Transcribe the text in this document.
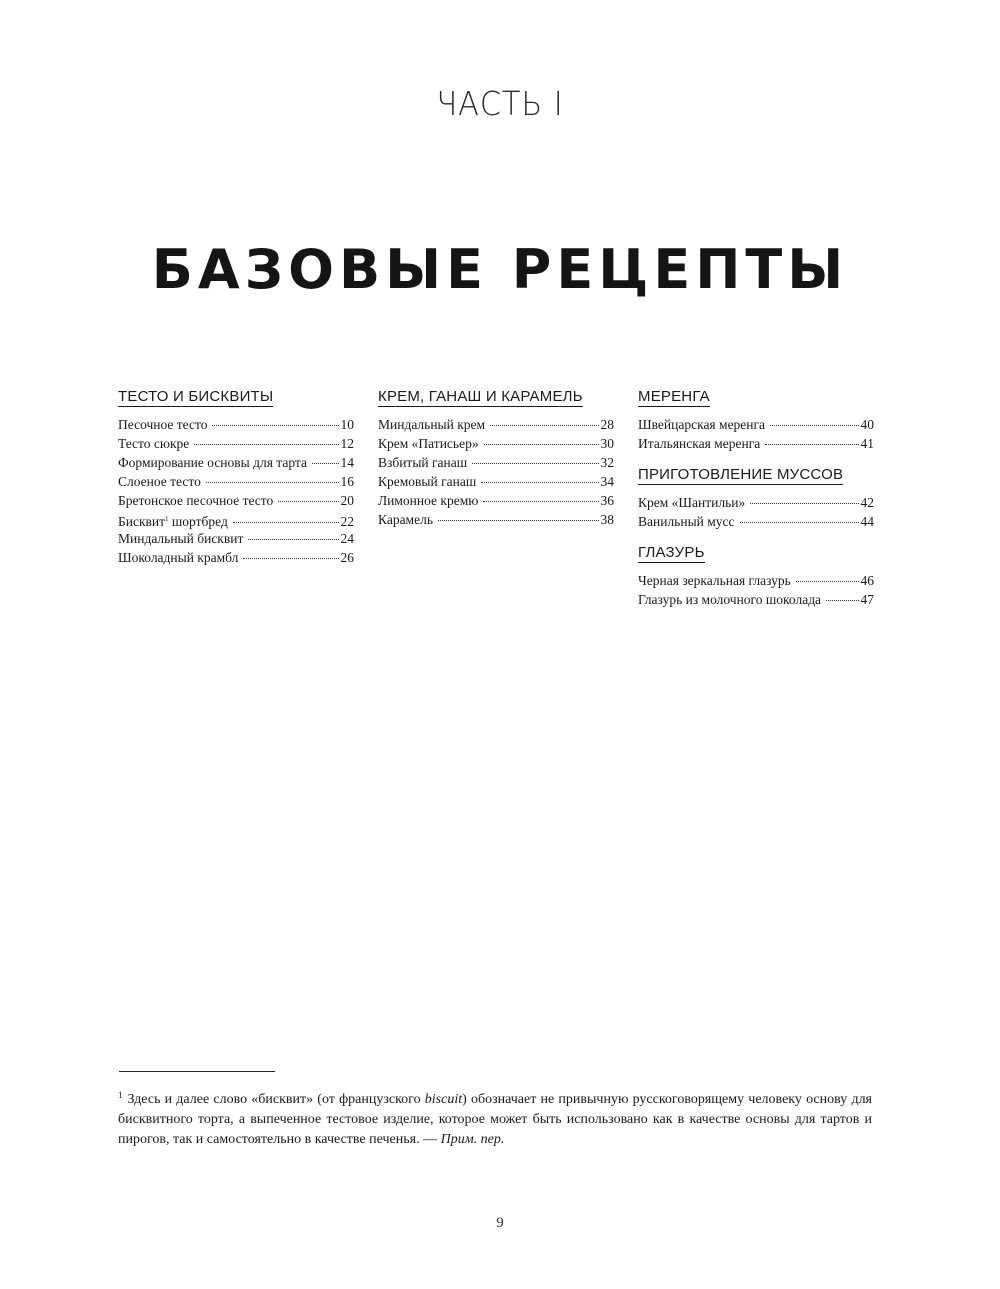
ЧАСТЬ I
БАЗОВЫЕ РЕЦЕПТЫ
ТЕСТО И БИСКВИТЫ
Песочное тесто	10
Тесто сюкре	12
Формирование основы для тарта 14
Слоеное тесто	16
Бретонское песочное тесто	20
Бисквит$^1$ шортбред	22
Миндальный бисквит	24
Шоколадный крамбл	26
КРЕМ, ГАНАШ И КАРАМЕЛЬ
Миндальный крем	28
Крем «Патисьер»	30
Взбитый ганаш	32
Кремовый ганаш	34
Лимонное кремю	36
Карамель	38
МЕРЕНГА
Швейцарская меренга	40
Итальянская меренга	41
ПРИГОТОВЛЕНИЕ МУССОВ
Крем «Шантильи»	42
Ванильный мусс	44
ГЛАЗУРЬ
Черная зеркальная глазурь	46
Глазурь из молочного шоколада	47
$^1$ Здесь и далее слово «бисквит» (от французского biscuit) обозначает не привычную русскоговорящему человеку основу для бисквитного торта, а выпеченное тестовое изделие, которое может быть использовано как в качестве основы для тартов и пирогов, так и самостоятельно в качестве печенья. — Прим. пер.
9
